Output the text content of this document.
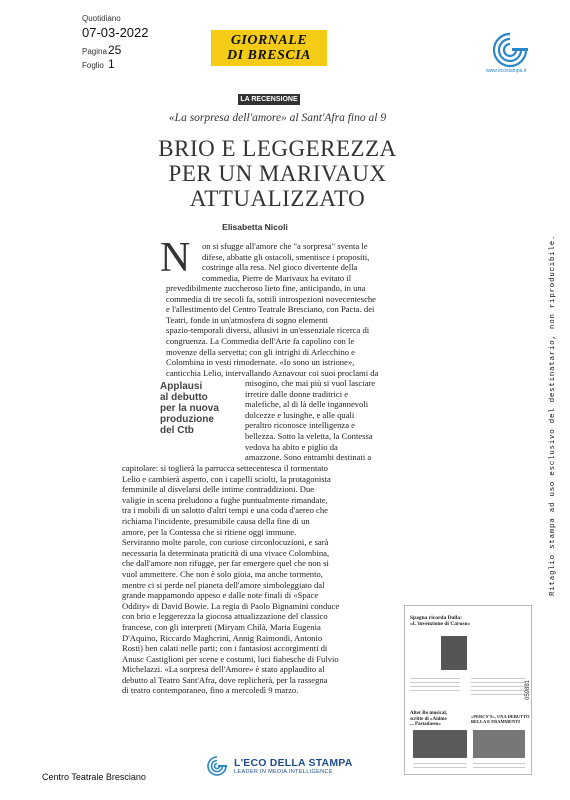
Quotidiano
07-03-2022
Pagina 25
Foglio 1
GIORNALE
DI BRESCIA
www.ecostampa.it
LA RECENSIONE
«La sorpresa dell'amore» al Sant'Afra fino al 9
BRIO E LEGGEREZZA
PER UN MARIVAUX
ATTUALIZZATO
Elisabetta Nicoli
N on si sfugge all'amore che "a sorpresa" sventa le
difese, abbatte gli ostacoli, smentisce i propositi,
costringe alla resa. Nel gioco divertente della
commedia, Pierre de Marivaux ha evitato il
prevedibilmente zuccheroso lieto fine, anticipando, in una
commedia di tre secoli fa, sottili introspezioni novecentesche
e l'allestimento del Centro Teatrale Bresciano, con Pacta. dei
Teatri, fonde in un'atmosfera di sogno elementi
spazio-temporali diversi, allusivi in un'essenziale ricerca di
congruenza. La Commedia dell'Arte fa capolino con le
movenze della servetta; con gli intrighi di Arlecchino e
Colombina in vesti rimodernate. «Io sono un istrione»,
canticchia Lelio, intervallando Aznavour coi suoi proclami da
misogino, che mai più si vuol lasciare
irretire dalle donne traditrici e
malefiche, al di là delle ingannevoli
dolcezze e lusinghe, e alle quali
peraltro riconosce intelligenza e
bellezza. Sotto la veletta, la Contessa
vedova ha abito e piglio da
amazzone. Sono entrambi destinati a
capitolare: si toglierà la parrucca settecentesca il tormentato
Lelio e cambierà aspetto, con i capelli sciolti, la protagonista
femminile al disvelarsi delle intime contraddizioni. Due
valigie in scena preludono a fughe puntualmente rimandate,
tra i mobili di un salotto d'altri tempi e una coda d'aereo che
richiama l'incidente, presumibile causa della fine di un
amore, per la Contessa che si ritiene oggi immune.
Serviranno molte parole, con curiose circonlocuzioni, e sarà
necessaria la determinata praticità di una vivace Colombina,
che dall'amore non rifugge, per far emergere quel che non si
vuol ammettere. Che non è solo gioia, ma anche tormento,
mentre ci si perde nel pianeta dell'amore simboleggiato dal
grande mappamondo appeso e dalle note finali di «Space
Oddity» di David Bowie. La regia di Paolo Bignamini conduce
con brio e leggerezza la giocosa attualizzazione del classico
francese, con gli interpreti (Miryam Chilà, Maria Eugenia
D'Aquino, Riccardo Maghcrini, Annig Raimondi, Antonio
Rosti) ben calati nelle parti; con i fantasiosi accorgimenti di
Anusc Castiglioni per scene e costumi, luci fiabesche di Fulvio
Michelazzi. «La sorpresa dell'Amore» è stato applaudito al
debutto al Teatro Sant'Afra, dove replicherà, per la rassegna
di teatro contemporaneo, fino a mercoledì 9 marzo.
Applausi
al debutto
per la nuova
produzione
del Ctb
Spagna ricorda Dalla:
«L'invenzione di Caruso»
Alter Bo musical,
scritte di «Anime
... Pastadasso»
«PERCY'S», UNA DEBUTTO
BELLA E FRAMMENTI
059881
Ritaglio stampa ad uso esclusivo del destinatario, non riproducibile.
Centro Teatrale Bresciano
L'ECO DELLA STAMPA
LEADER IN MEDIA INTELLIGENCE
